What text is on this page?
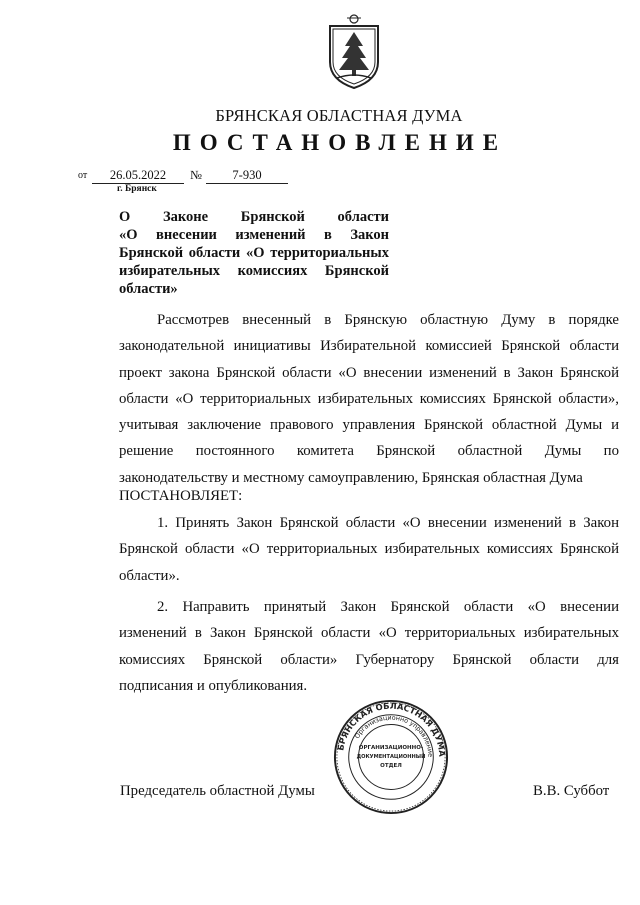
БРЯНСКАЯ ОБЛАСТНАЯ ДУМА
ПОСТАНОВЛЕНИЕ
от	26.05.2022	№	7-930
г. Брянск
О Законе Брянской области
«О внесении изменений в Закон
Брянской области «О территориальных
избирательных комиссиях Брянской
области»
Рассмотрев внесенный в Брянскую областную Думу в порядке
законодательной инициативы Избирательной комиссией Брянской области
проект закона Брянской области «О внесении изменений в Закон Брянской
области «О территориальных избирательных комиссиях Брянской области»,
учитывая заключение правового управления Брянской областной Думы и
решение постоянного комитета Брянской областной Думы по
законодательству и местному самоуправлению, Брянская областная Дума
ПОСТАНОВЛЯЕТ:
1. Принять Закон Брянской области «О внесении изменений в Закон
Брянской области «О территориальных избирательных комиссиях Брянской
области».
2. Направить принятый Закон Брянской области «О внесении
изменений в Закон Брянской области «О территориальных избирательных
комиссиях Брянской области» Губернатору Брянской области для
подписания и опубликования.
Председатель областной Думы	В.В. Суббот
БРЯНСКАЯ ОБЛАСТНАЯ ДУМА
Организационно управление
ОРГАНИЗАЦИОННО-
ДОКУМЕНТАЦИОННЫЙ
ОТДЕЛ
